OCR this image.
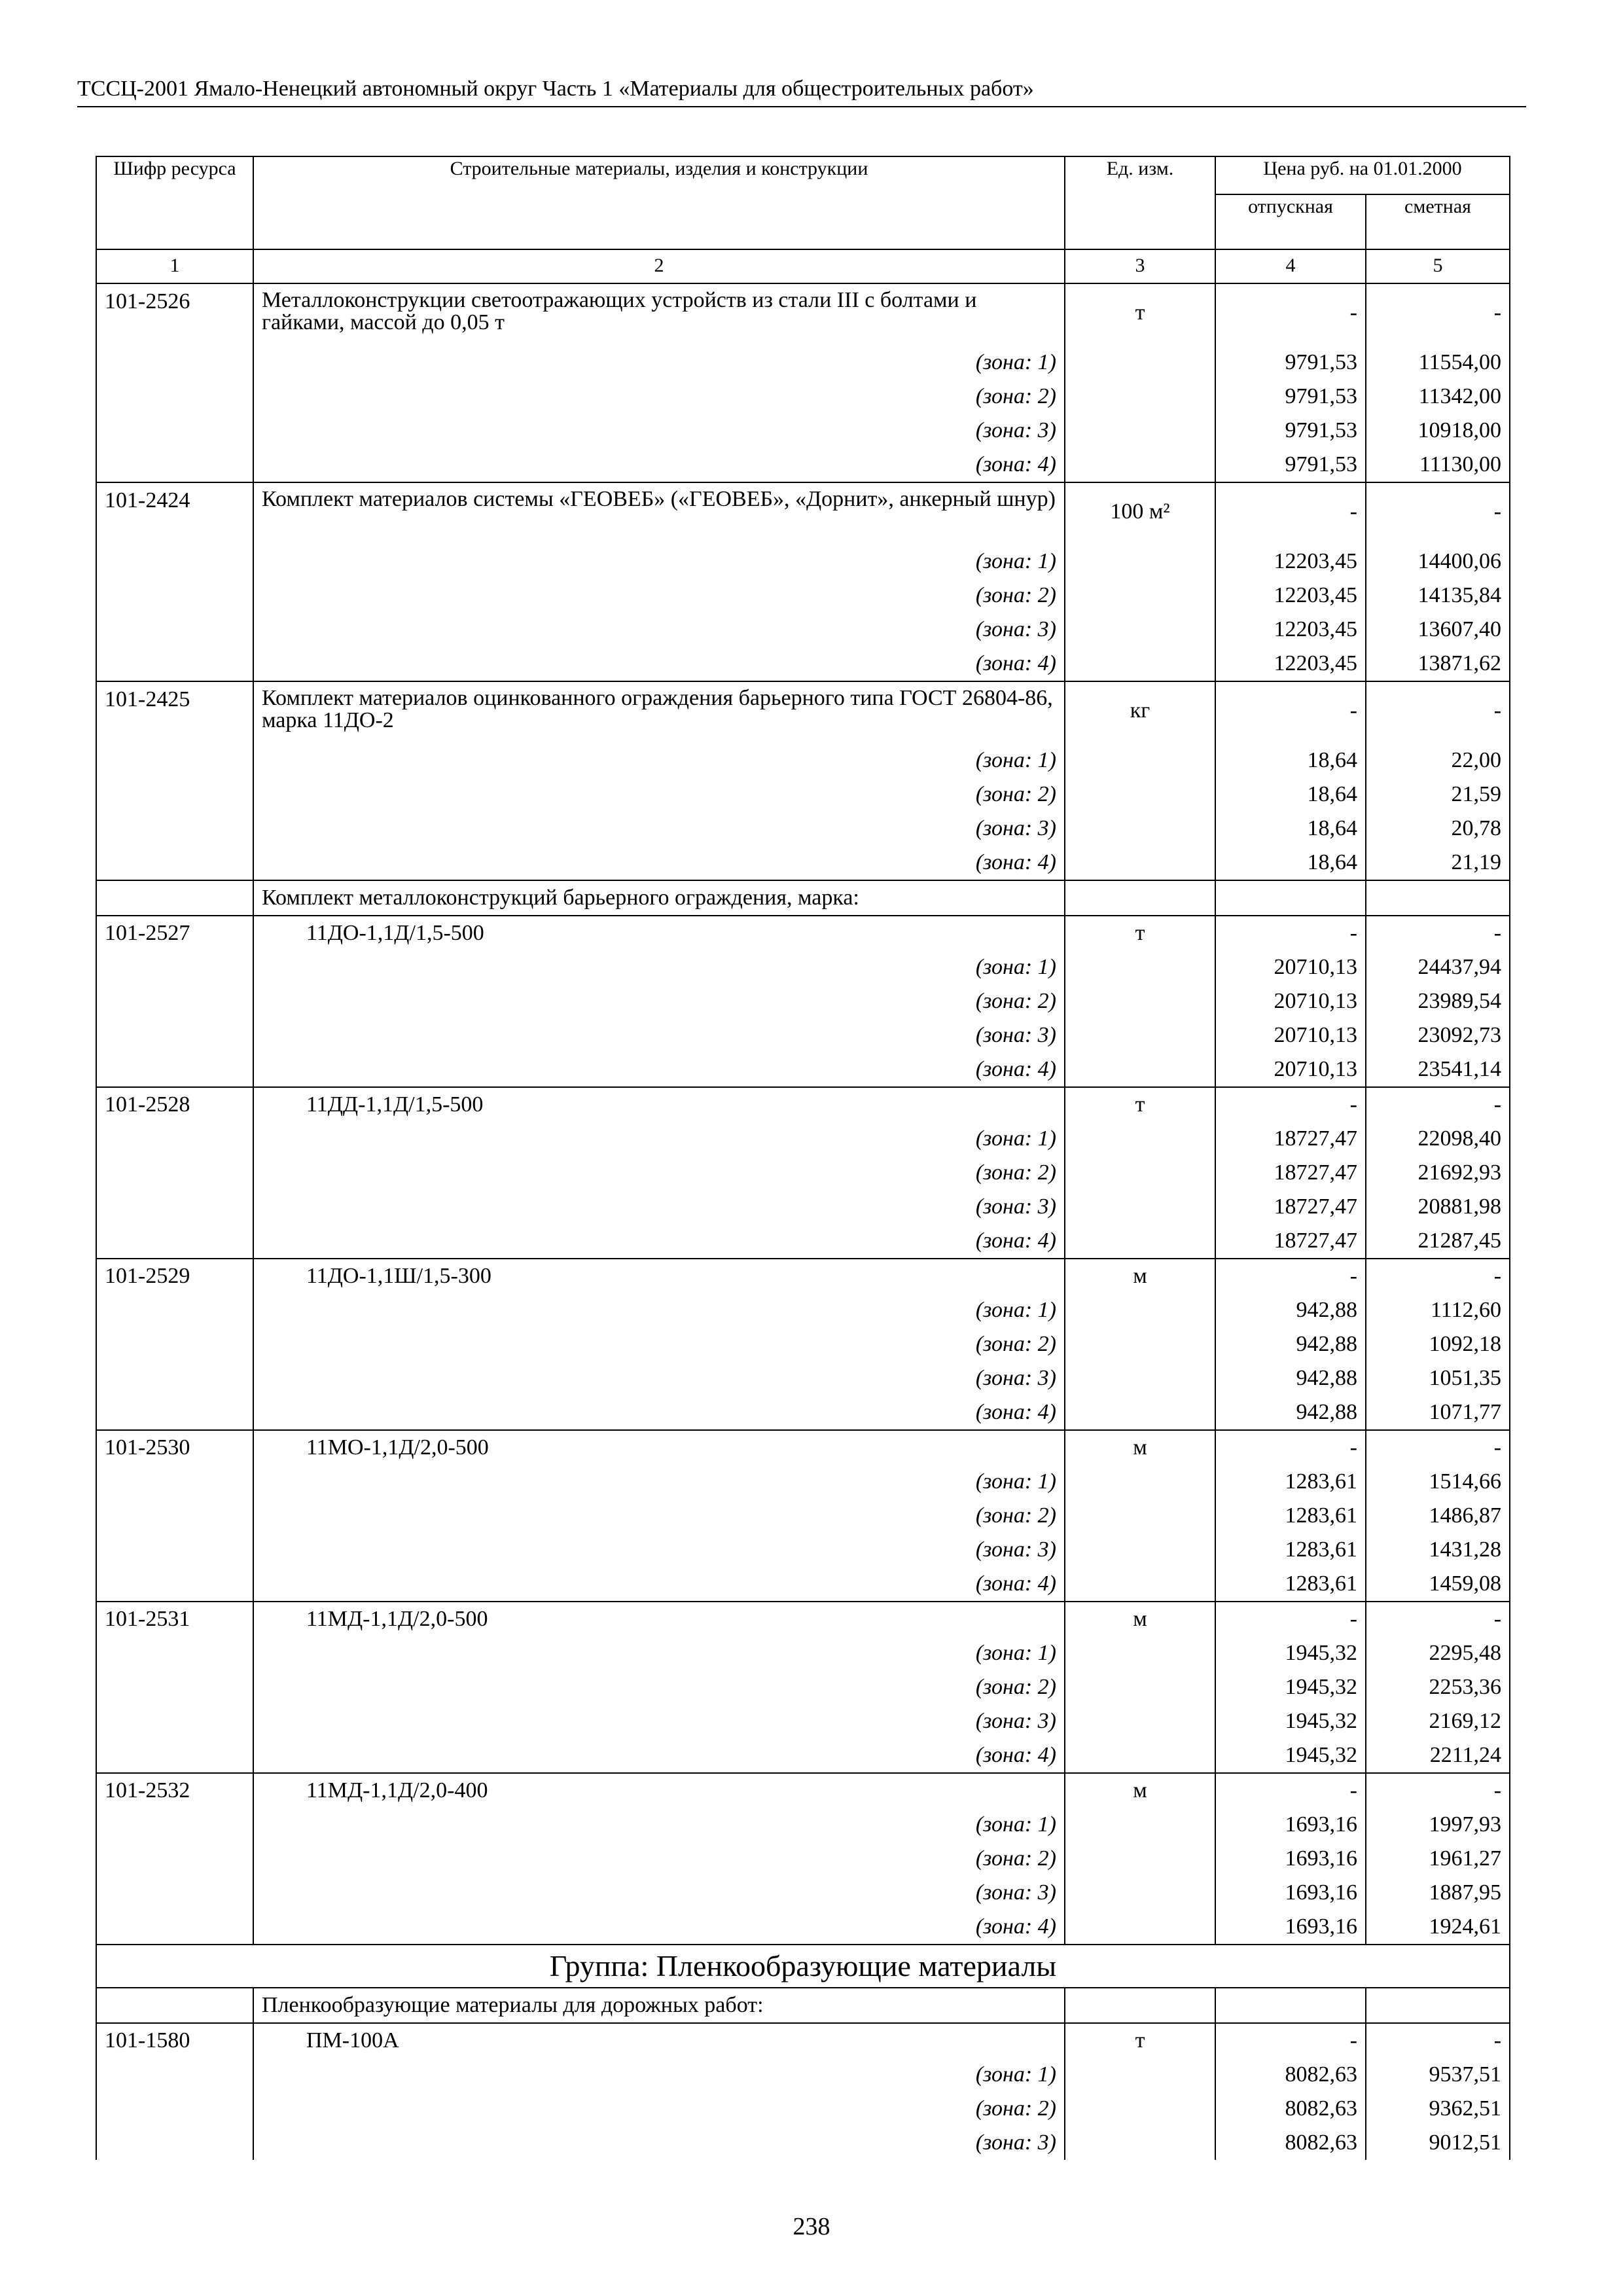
ТССЦ-2001 Ямало-Ненецкий автономный округ Часть 1 «Материалы для общестроительных работ»
Шифр ресурса	Строительные материалы, изделия и конструкции	Ед. изм.	Цена руб. на 01.01.2000	
			отпускная	сметная
1	2	3	4	5
101-2526	Металлоконструкции светоотражающих устройств из стали III с болтами и гайками, массой до 0,05 т	т	-	-
	(зона: 1)		9791,53	11554,00
	(зона: 2)		9791,53	11342,00
	(зона: 3)		9791,53	10918,00
	(зона: 4)		9791,53	11130,00
101-2424	Комплект материалов системы «ГЕОВЕБ» («ГЕОВЕБ», «Дорнит», анкерный шнур)	100 м²	-	-
	(зона: 1)		12203,45	14400,06
	(зона: 2)		12203,45	14135,84
	(зона: 3)		12203,45	13607,40
	(зона: 4)		12203,45	13871,62
101-2425	Комплект материалов оцинкованного ограждения барьерного типа ГОСТ 26804-86, марка 11ДО-2	кг	-	-
	(зона: 1)		18,64	22,00
	(зона: 2)		18,64	21,59
	(зона: 3)		18,64	20,78
	(зона: 4)		18,64	21,19
	Комплект металлоконструкций барьерного ограждения, марка:			
101-2527	11ДО-1,1Д/1,5-500	т	-	-
	(зона: 1)		20710,13	24437,94
	(зона: 2)		20710,13	23989,54
	(зона: 3)		20710,13	23092,73
	(зона: 4)		20710,13	23541,14
101-2528	11ДД-1,1Д/1,5-500	т	-	-
	(зона: 1)		18727,47	22098,40
	(зона: 2)		18727,47	21692,93
	(зона: 3)		18727,47	20881,98
	(зона: 4)		18727,47	21287,45
101-2529	11ДО-1,1Ш/1,5-300	м	-	-
	(зона: 1)		942,88	1112,60
	(зона: 2)		942,88	1092,18
	(зона: 3)		942,88	1051,35
	(зона: 4)		942,88	1071,77
101-2530	11МО-1,1Д/2,0-500	м	-	-
	(зона: 1)		1283,61	1514,66
	(зона: 2)		1283,61	1486,87
	(зона: 3)		1283,61	1431,28
	(зона: 4)		1283,61	1459,08
101-2531	11МД-1,1Д/2,0-500	м	-	-
	(зона: 1)		1945,32	2295,48
	(зона: 2)		1945,32	2253,36
	(зона: 3)		1945,32	2169,12
	(зона: 4)		1945,32	2211,24
101-2532	11МД-1,1Д/2,0-400	м	-	-
	(зона: 1)		1693,16	1997,93
	(зона: 2)		1693,16	1961,27
	(зона: 3)		1693,16	1887,95
	(зона: 4)		1693,16	1924,61
Группа: Пленкообразующие материалы				
	Пленкообразующие материалы для дорожных работ:			
101-1580	ПМ-100А	т	-	-
	(зона: 1)		8082,63	9537,51
	(зона: 2)		8082,63	9362,51
	(зона: 3)		8082,63	9012,51
238
